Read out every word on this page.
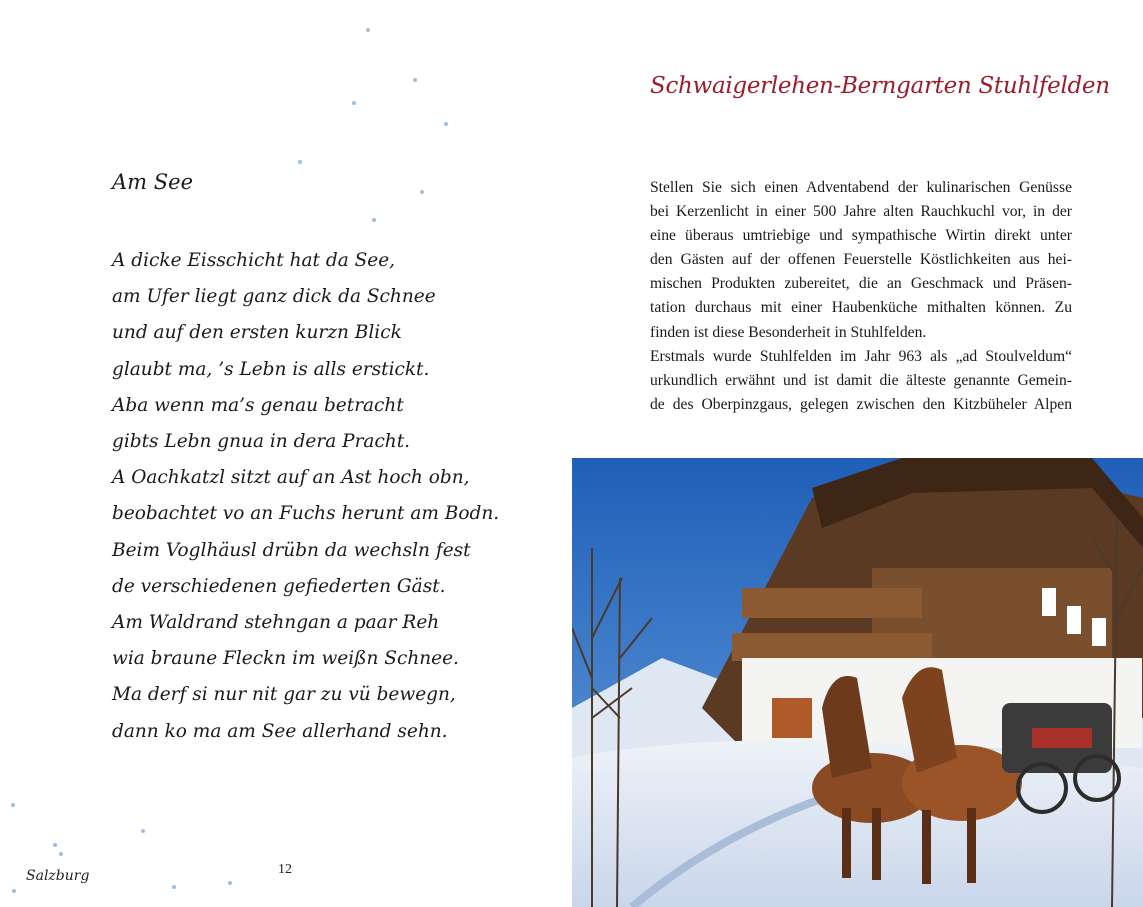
Am See
A dicke Eisschicht hat da See,
am Ufer liegt ganz dick da Schnee
und auf den ersten kurzn Blick
glaubt ma, ’s Lebn is alls erstickt.
Aba wenn ma’s genau betracht
gibts Lebn gnua in dera Pracht.
A Oachkatzl sitzt auf an Ast hoch obn,
beobachtet vo an Fuchs herunt am Bodn.
Beim Voglhäusl drübn da wechsln fest
de verschiedenen gefiederten Gäst.
Am Waldrand stehngan a paar Reh
wia braune Fleckn im weißn Schnee.
Ma derf si nur nit gar zu vü bewegn,
dann ko ma am See allerhand sehn.
Salzburg	12
Schwaigerlehen-Berngarten Stuhlfelden

Stellen Sie sich einen Adventabend der kulinarischen Genüsse

bei Kerzenlicht in einer 500 Jahre alten Rauchkuchl vor, in der

eine überaus umtriebige und sympathische Wirtin direkt unter

den Gästen auf der offenen Feuerstelle Köstlichkeiten aus hei-

mischen Produkten zubereitet, die an Geschmack und Präsen-

tation durchaus mit einer Haubenküche mithalten können. Zu

finden ist diese Besonderheit in Stuhlfelden.

Erstmals wurde Stuhlfelden im Jahr 963 als „ad Stoulveldum“

urkundlich erwähnt und ist damit die älteste genannte Gemein-

de des Oberpinzgaus, gelegen zwischen den Kitzbüheler Alpen
